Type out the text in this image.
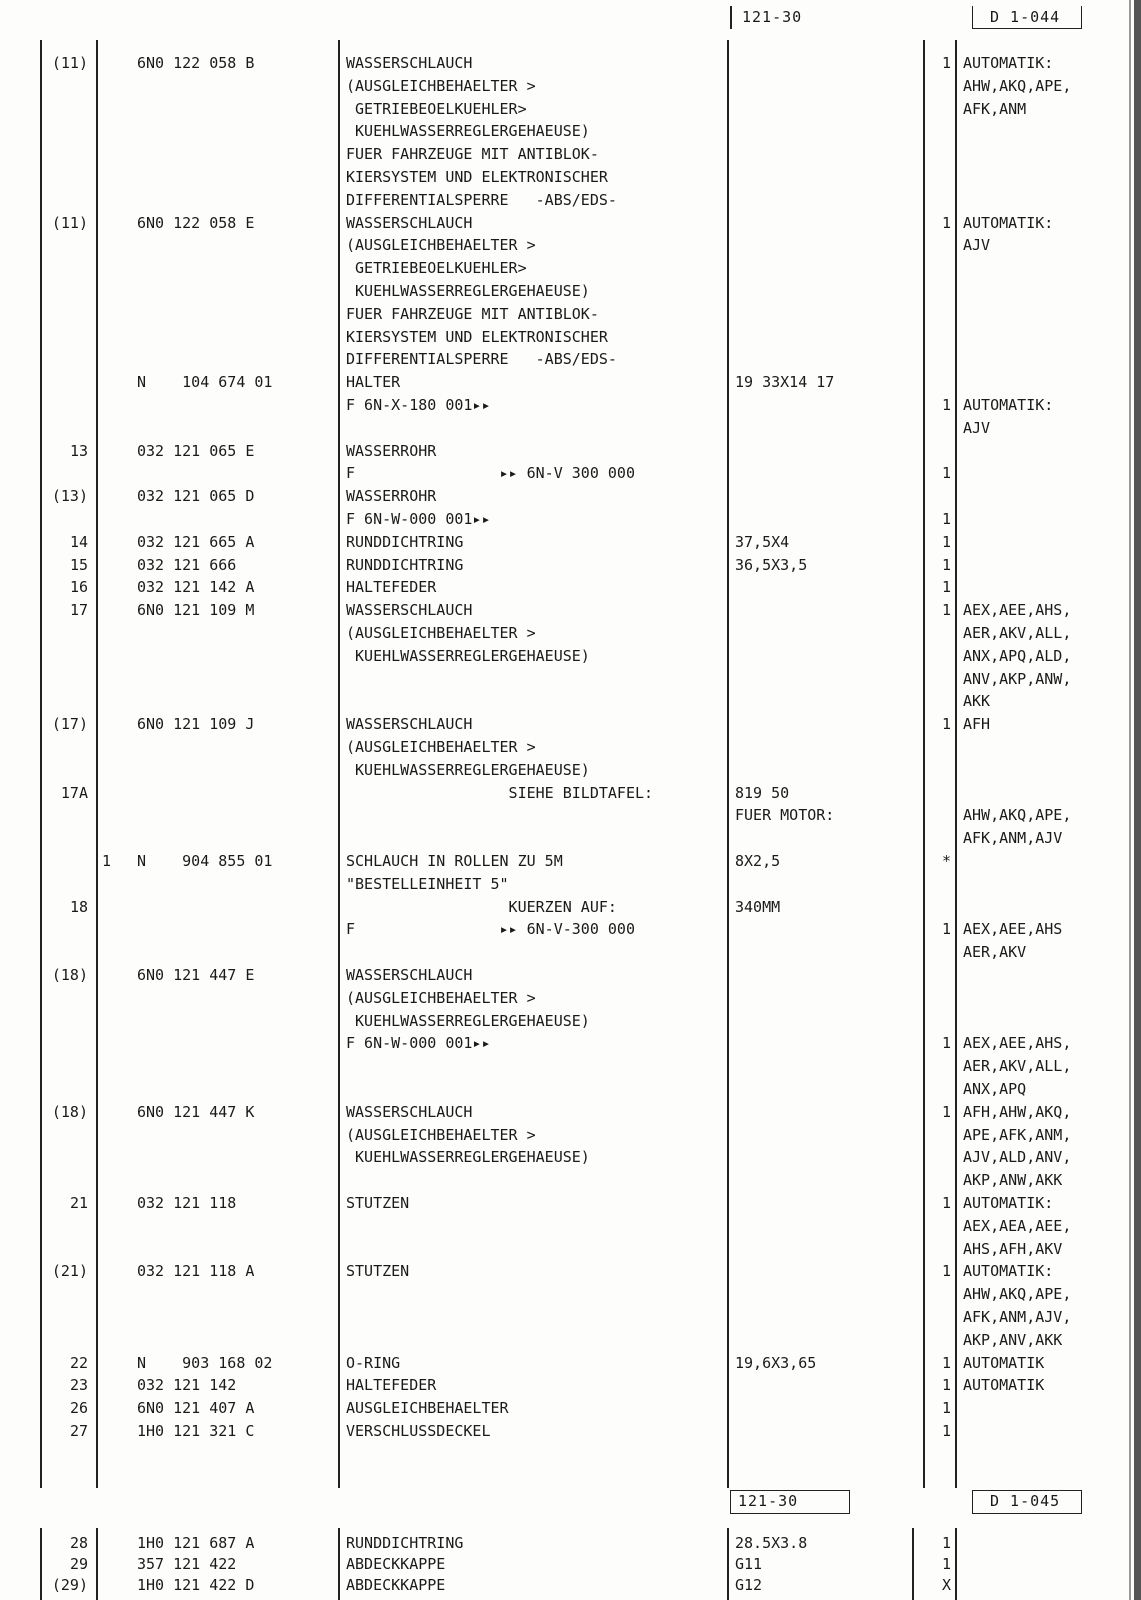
121-30	D 1-044
(11)	6N0 122 058 B	WASSERSCHLAUCH	1 AUTOMATIK:
(AUSGLEICHBEHAELTER >	AHW,AKQ,APE,
GETRIEBEOELKUEHLER>	AFK,ANM
KUEHLWASSERREGLERGEHAEUSE)
FUER FAHRZEUGE MIT ANTIBLOK-
KIERSYSTEM UND ELEKTRONISCHER
DIFFERENTIALSPERRE   -ABS/EDS-
(11)	6N0 122 058 E	WASSERSCHLAUCH	1 AUTOMATIK:
(AUSGLEICHBEHAELTER >	AJV
GETRIEBEOELKUEHLER>
KUEHLWASSERREGLERGEHAEUSE)
FUER FAHRZEUGE MIT ANTIBLOK-
KIERSYSTEM UND ELEKTRONISCHER
DIFFERENTIALSPERRE   -ABS/EDS-
N    104 674 01	HALTER	19 33X14 17
F 6N-X-180 001▸▸	1 AUTOMATIK:
AJV
13	032 121 065 E	WASSERROHR
F                ▸▸ 6N-V 300 000	1
(13)	032 121 065 D	WASSERROHR
F 6N-W-000 001▸▸	1
14	032 121 665 A	RUNDDICHTRING	37,5X4	1
15	032 121 666	RUNDDICHTRING	36,5X3,5	1
16	032 121 142 A	HALTEFEDER	1
17	6N0 121 109 M	WASSERSCHLAUCH	1 AEX,AEE,AHS,
(AUSGLEICHBEHAELTER >	AER,AKV,ALL,
KUEHLWASSERREGLERGEHAEUSE)	ANX,APQ,ALD,
ANV,AKP,ANW,
AKK
(17)	6N0 121 109 J	WASSERSCHLAUCH	1 AFH
(AUSGLEICHBEHAELTER >
KUEHLWASSERREGLERGEHAEUSE)
17A	SIEHE BILDTAFEL:	819 50
FUER MOTOR:	AHW,AKQ,APE,
AFK,ANM,AJV
1 N    904 855 01	SCHLAUCH IN ROLLEN ZU 5M	8X2,5	*
"BESTELLEINHEIT 5"
18	KUERZEN AUF:	340MM
F                ▸▸ 6N-V-300 000	1 AEX,AEE,AHS
AER,AKV
(18)	6N0 121 447 E	WASSERSCHLAUCH
(AUSGLEICHBEHAELTER >
KUEHLWASSERREGLERGEHAEUSE)
F 6N-W-000 001▸▸	1 AEX,AEE,AHS,
AER,AKV,ALL,
ANX,APQ
(18)	6N0 121 447 K	WASSERSCHLAUCH	1 AFH,AHW,AKQ,
(AUSGLEICHBEHAELTER >	APE,AFK,ANM,
KUEHLWASSERREGLERGEHAEUSE)	AJV,ALD,ANV,
AKP,ANW,AKK
21	032 121 118	STUTZEN	1 AUTOMATIK:
AEX,AEA,AEE,
AHS,AFH,AKV
(21)	032 121 118 A	STUTZEN	1 AUTOMATIK:
AHW,AKQ,APE,
AFK,ANM,AJV,
AKP,ANV,AKK
22	N    903 168 02	O-RING	19,6X3,65	1 AUTOMATIK
23	032 121 142	HALTEFEDER	1 AUTOMATIK
26	6N0 121 407 A	AUSGLEICHBEHAELTER	1
27	1H0 121 321 C	VERSCHLUSSDECKEL	1
121-30	D 1-045
28	1H0 121 687 A	RUNDDICHTRING	28.5X3.8	1
29	357 121 422	ABDECKKAPPE	G11	1
(29)	1H0 121 422 D	ABDECKKAPPE	G12	X
